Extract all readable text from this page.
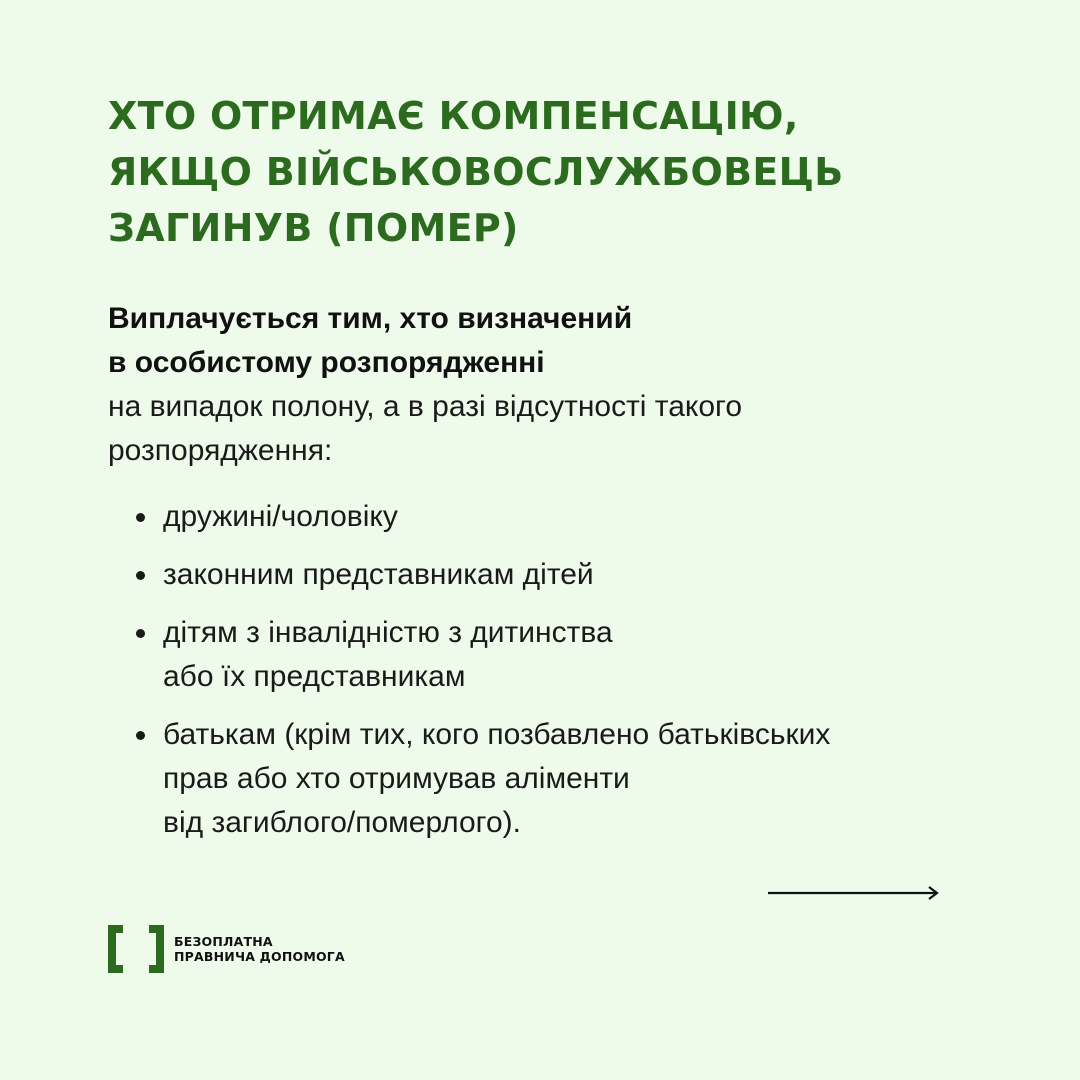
ХТО ОТРИМАЄ КОМПЕНСАЦІЮ,
ЯКЩО ВІЙСЬКОВОСЛУЖБОВЕЦЬ
ЗАГИНУВ (ПОМЕР)
Виплачується тим, хто визначений
в особистому розпорядженні
на випадок полону, а в разі відсутності такого
розпорядження:
дружині/чоловіку
законним представникам дітей
дітям з інвалідністю з дитинства
або їх представникам
батькам (крім тих, кого позбавлено батьківських
прав або хто отримував аліменти
від загиблого/померлого).
БЕЗОПЛАТНА
ПРАВНИЧА ДОПОМОГА
